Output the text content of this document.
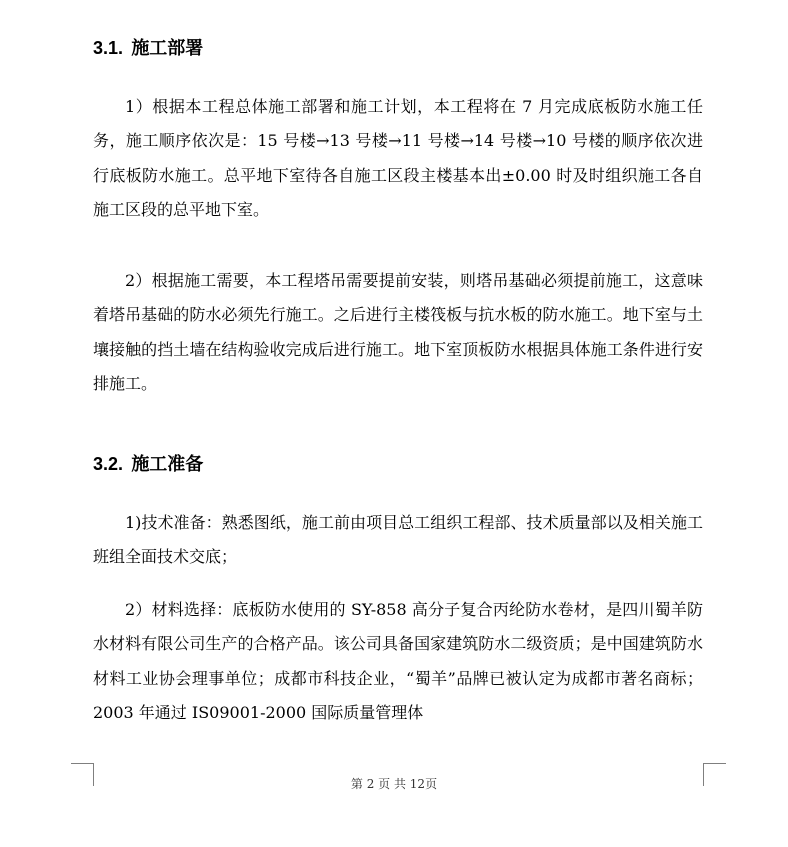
3.1. 施工部署

1）根据本工程总体施工部署和施工计划，本工程将在 7 月完成底板防水施工任务，施工顺序依次是：15 号楼→13 号楼→11 号楼→14 号楼→10 号楼的顺序依次进行底板防水施工。总平地下室待各自施工区段主楼基本出±0.00 时及时组织施工各自施工区段的总平地下室。

2）根据施工需要，本工程塔吊需要提前安装，则塔吊基础必须提前施工，这意味着塔吊基础的防水必须先行施工。之后进行主楼筏板与抗水板的防水施工。地下室与土壤接触的挡土墙在结构验收完成后进行施工。地下室顶板防水根据具体施工条件进行安排施工。

3.2. 施工准备

1)技术准备：熟悉图纸，施工前由项目总工组织工程部、技术质量部以及相关施工班组全面技术交底；

2）材料选择：底板防水使用的 SY-858 高分子复合丙纶防水卷材，是四川蜀羊防水材料有限公司生产的合格产品。该公司具备国家建筑防水二级资质；是中国建筑防水材料工业协会理事单位；成都市科技企业，“蜀羊”品牌已被认定为成都市著名商标；2003 年通过 IS09001-2000 国际质量管理体

第 2 页 共 12页
